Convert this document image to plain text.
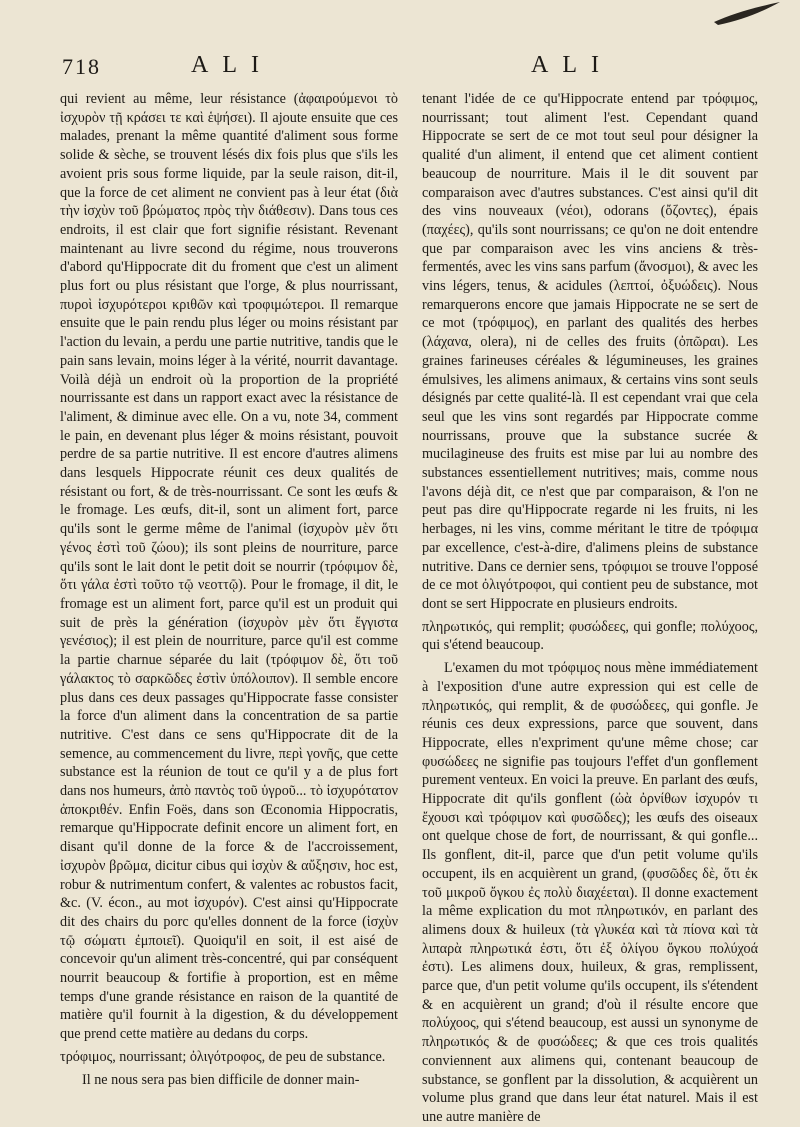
718	ALI	ALI

qui revient au même, leur résistance (ἀφαιρούμενοι τὸ ἰσχυρὸν τῇ κράσει τε καὶ ἑψήσει). Il ajoute ensuite que ces malades, prenant la même quantité d'aliment sous forme solide & sèche, se trouvent lésés dix fois plus que s'ils les avoient pris sous forme liquide, par la seule raison, dit-il, que la force de cet aliment ne convient pas à leur état (διὰ τὴν ἰσχὺν τοῦ βρώματος πρὸς τὴν διάθεσιν). Dans tous ces endroits, il est clair que fort signifie résistant. Revenant maintenant au livre second du régime, nous trouverons d'abord qu'Hippocrate dit du froment que c'est un aliment plus fort ou plus résistant que l'orge, & plus nourrissant, πυροὶ ἰσχυρότεροι κριθῶν καὶ τροφιμώτεροι. Il remarque ensuite que le pain rendu plus léger ou moins résistant par l'action du levain, a perdu une partie nutritive, tandis que le pain sans levain, moins léger à la vérité, nourrit davantage. Voilà déjà un endroit où la proportion de la propriété nourrissante est dans un rapport exact avec la résistance de l'aliment, & diminue avec elle. On a vu, note 34, comment le pain, en devenant plus léger & moins résistant, pouvoit perdre de sa partie nutritive. Il est encore d'autres alimens dans lesquels Hippocrate réunit ces deux qualités de résistant ou fort, & de très-nourrissant. Ce sont les œufs & le fromage. Les œufs, dit-il, sont un aliment fort, parce qu'ils sont le germe même de l'animal (ἰσχυρὸν μὲν ὅτι γένος ἐστὶ τοῦ ζώου); ils sont pleins de nourriture, parce qu'ils sont le lait dont le petit doit se nourrir (τρόφιμον δὲ, ὅτι γάλα ἐστὶ τοῦτο τῷ νεοττῷ). Pour le fromage, il dit, le fromage est un aliment fort, parce qu'il est un produit qui suit de près la génération (ἰσχυρὸν μὲν ὅτι ἔγγιστα γενέσιος); il est plein de nourriture, parce qu'il est comme la partie charnue séparée du lait (τρόφιμον δὲ, ὅτι τοῦ γάλακτος τὸ σαρκῶδες ἐστὶν ὑπόλοιπον). Il semble encore plus dans ces deux passages qu'Hippocrate fasse consister la force d'un aliment dans la concentration de sa partie nutritive. C'est dans ce sens qu'Hippocrate dit de la semence, au commencement du livre, περὶ γονῆς, que cette substance est la réunion de tout ce qu'il y a de plus fort dans nos humeurs, ἀπὸ παντὸς τοῦ ὑγροῦ... τὸ ἰσχυρότατον ἀποκριθέν. Enfin Foës, dans son Œconomia Hippocratis, remarque qu'Hippocrate definit encore un aliment fort, en disant qu'il donne de la force & de l'accroissement, ἰσχυρὸν βρῶμα, dicitur cibus qui ἰσχὺν & αὔξησιν, hoc est, robur & nutrimentum confert, & valentes ac robustos facit, &c. (V. écon., au mot ἰσχυρόν). C'est ainsi qu'Hippocrate dit des chairs du porc qu'elles donnent de la force (ἰσχὺν τῷ σώματι ἐμποιεῖ). Quoiqu'il en soit, il est aisé de concevoir qu'un aliment très-concentré, qui par conséquent nourrit beaucoup & fortifie à proportion, est en même temps d'une grande résistance en raison de la quantité de matière qu'il fournit à la digestion, & du développement que prend cette matière au dedans du corps.

τρόφιμος, nourrissant; ὀλιγότροφος, de peu de substance.

Il ne nous sera pas bien difficile de donner main-

tenant l'idée de ce qu'Hippocrate entend par τρόφιμος, nourrissant; tout aliment l'est. Cependant quand Hippocrate se sert de ce mot tout seul pour désigner la qualité d'un aliment, il entend que cet aliment contient beaucoup de nourriture. Mais il le dit souvent par comparaison avec d'autres substances. C'est ainsi qu'il dit des vins nouveaux (νέοι), odorans (ὄζοντες), épais (παχέες), qu'ils sont nourrissans; ce qu'on ne doit entendre que par comparaison avec les vins anciens & très-fermentés, avec les vins sans parfum (ἄνοσμοι), & avec les vins légers, tenus, & acidules (λεπτοί, ὀξυώδεις). Nous remarquerons encore que jamais Hippocrate ne se sert de ce mot (τρόφιμος), en parlant des qualités des herbes (λάχανα, olera), ni de celles des fruits (ὀπῶραι). Les graines farineuses céréales & légumineuses, les graines émulsives, les alimens animaux, & certains vins sont seuls désignés par cette qualité-là. Il est cependant vrai que cela seul que les vins sont regardés par Hippocrate comme nourrissans, prouve que la substance sucrée & mucilagineuse des fruits est mise par lui au nombre des substances essentiellement nutritives; mais, comme nous l'avons déjà dit, ce n'est que par comparaison, & l'on ne peut pas dire qu'Hippocrate regarde ni les fruits, ni les herbages, ni les vins, comme méritant le titre de τρόφιμα par excellence, c'est-à-dire, d'alimens pleins de substance nutritive. Dans ce dernier sens, τρόφιμοι se trouve l'opposé de ce mot ὀλιγότροφοι, qui contient peu de substance, mot dont se sert Hippocrate en plusieurs endroits.

πληρωτικός, qui remplit; φυσώδεες, qui gonfle; πολύχοος, qui s'étend beaucoup.

L'examen du mot τρόφιμος nous mène immédiatement à l'exposition d'une autre expression qui est celle de πληρωτικός, qui remplit, & de φυσώδεες, qui gonfle. Je réunis ces deux expressions, parce que souvent, dans Hippocrate, elles n'expriment qu'une même chose; car φυσώδεες ne signifie pas toujours l'effet d'un gonflement purement venteux. En voici la preuve. En parlant des œufs, Hippocrate dit qu'ils gonflent (ὠὰ ὀρνίθων ἰσχυρόν τι ἔχουσι καὶ τρόφιμον καὶ φυσῶδες); les œufs des oiseaux ont quelque chose de fort, de nourrissant, & qui gonfle... Ils gonflent, dit-il, parce que d'un petit volume qu'ils occupent, ils en acquièrent un grand, (φυσῶδες δὲ, ὅτι ἐκ τοῦ μικροῦ ὄγκου ἐς πολὺ διαχέεται). Il donne exactement la même explication du mot πληρωτικόν, en parlant des alimens doux & huileux (τὰ γλυκέα καὶ τὰ πίονα καὶ τὰ λιπαρὰ πληρωτικά ἐστι, ὅτι ἐξ ὀλίγου ὄγκου πολύχοά ἐστι). Les alimens doux, huileux, & gras, remplissent, parce que, d'un petit volume qu'ils occupent, ils s'étendent & en acquièrent un grand; d'où il résulte encore que πολύχοος, qui s'étend beaucoup, est aussi un synonyme de πληρωτικός & de φυσώδεες; & que ces trois qualités conviennent aux alimens qui, contenant beaucoup de substance, se gonflent par la dissolution, & acquièrent un volume plus grand que dans leur état naturel. Mais il est une autre manière de
